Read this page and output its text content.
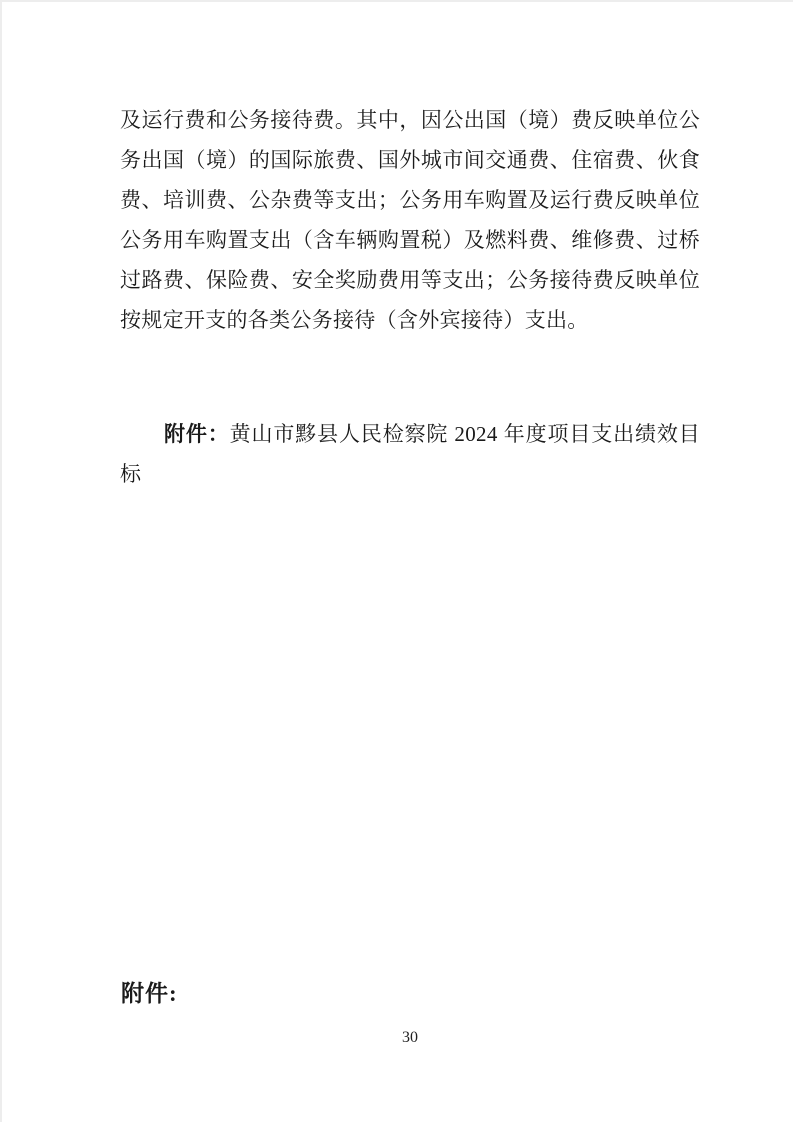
及运行费和公务接待费。其中，因公出国（境）费反映单位公
务出国（境）的国际旅费、国外城市间交通费、住宿费、伙食
费、培训费、公杂费等支出；公务用车购置及运行费反映单位
公务用车购置支出（含车辆购置税）及燃料费、维修费、过桥
过路费、保险费、安全奖励费用等支出；公务接待费反映单位
按规定开支的各类公务接待（含外宾接待）支出。
附件：黄山市黟县人民检察院 2024 年度项目支出绩效目
标
附件:
30
